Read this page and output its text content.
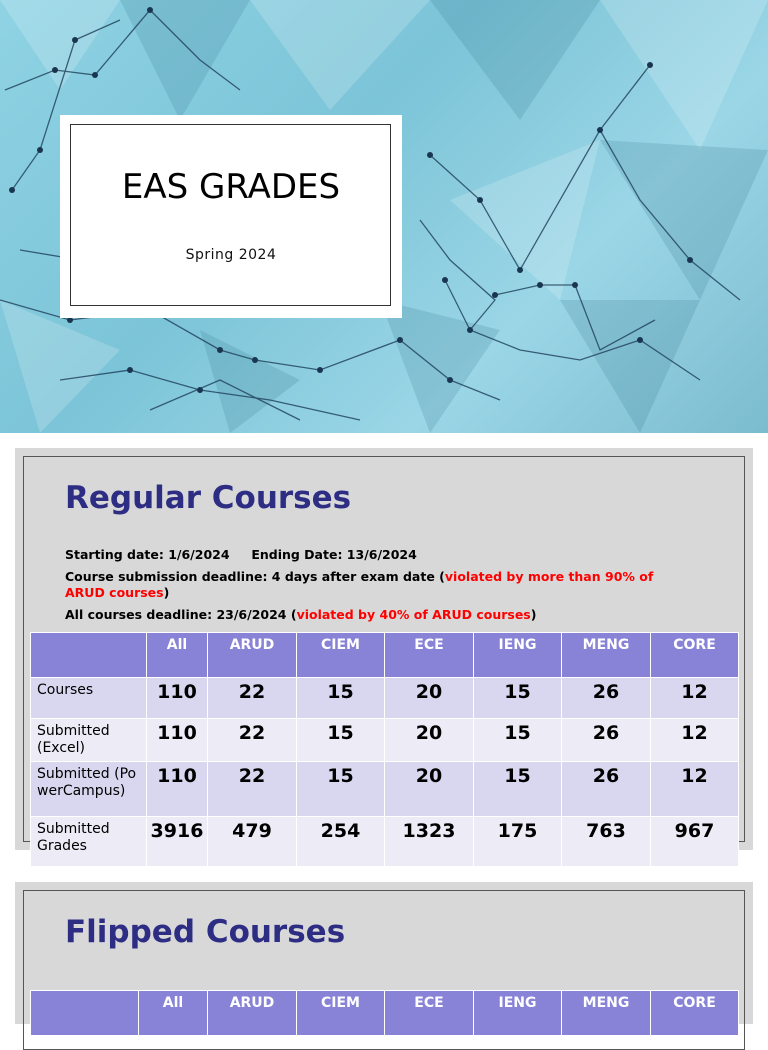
EAS GRADES
Spring 2024
Regular Courses
Starting date: 1/6/2024 Ending Date: 13/6/2024
Course submission deadline: 4 days after exam date (violated by more than 90% of ARUD courses)
All courses deadline: 23/6/2024 (violated by 40% of ARUD courses)
	All	ARUD	CIEM	ECE	IENG	MENG	CORE
Courses	110	22	15	20	15	26	12
Submitted (Excel)	110	22	15	20	15	26	12
Submitted (PowerCampus)	110	22	15	20	15	26	12
Submitted Grades	3916	479	254	1323	175	763	967
Flipped Courses
	All	ARUD	CIEM	ECE	IENG	MENG	CORE
